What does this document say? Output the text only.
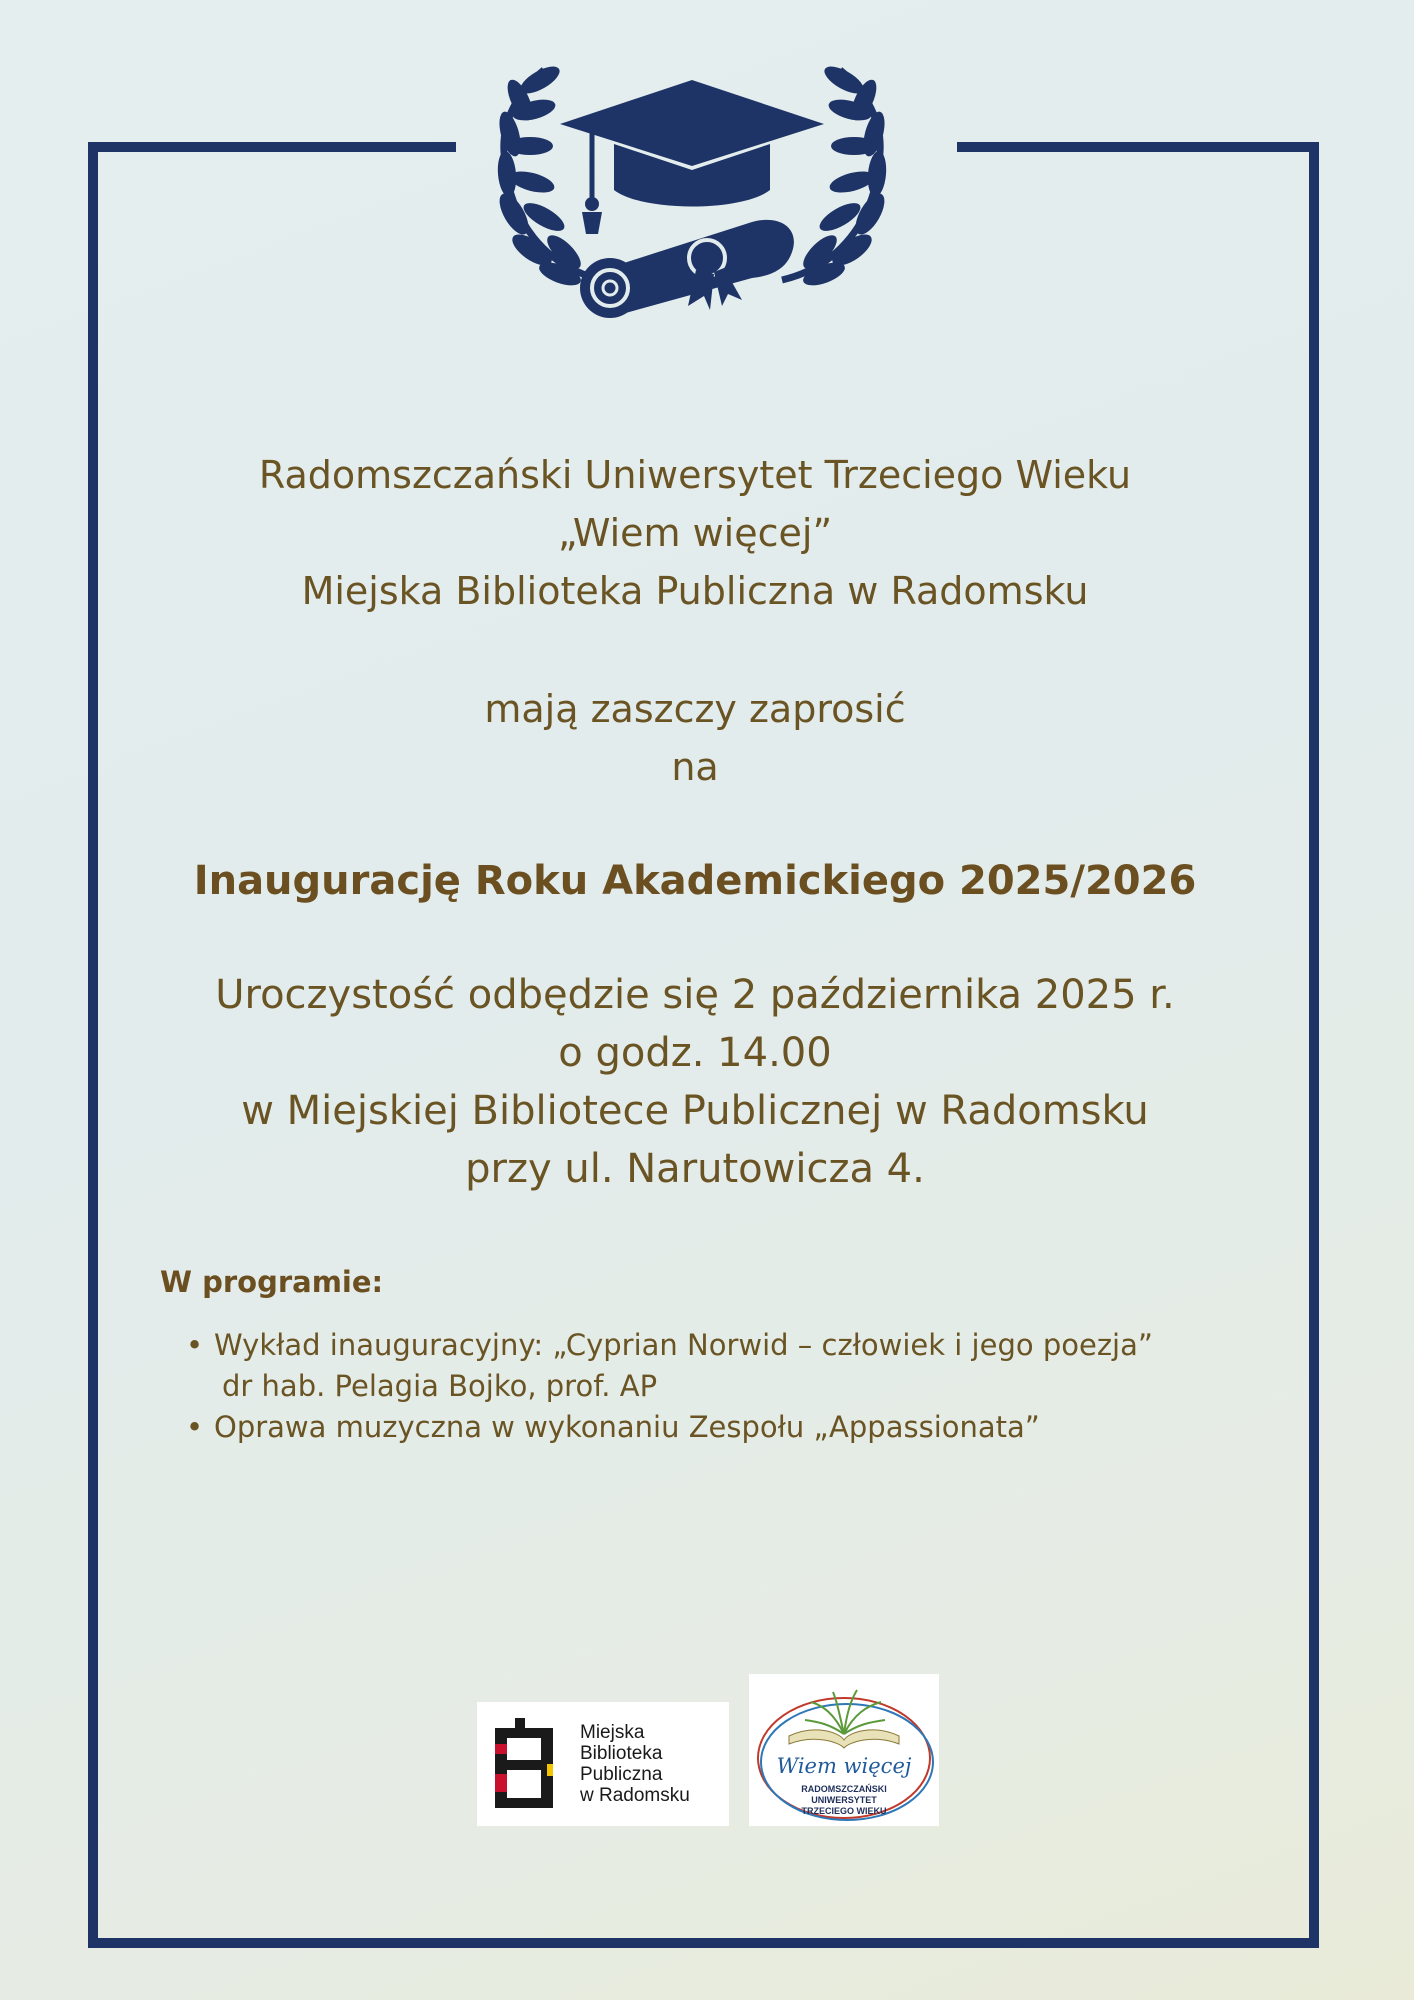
Radomszczański Uniwersytet Trzeciego Wieku
„Wiem więcej”
Miejska Biblioteka Publiczna w Radomsku
mają zaszczy zaprosić
na
Inaugurację Roku Akademickiego 2025/2026
Uroczystość odbędzie się 2 października 2025 r.
o godz. 14.00
w Miejskiej Bibliotece Publicznej w Radomsku
przy ul. Narutowicza 4.
W programie:
• Wykład inauguracyjny: „Cyprian Norwid – człowiek i jego poezja”
dr hab. Pelagia Bojko, prof. AP
• Oprawa muzyczna w wykonaniu Zespołu „Appassionata”
Miejska
Biblioteka
Publiczna
w Radomsku
Wiem więcej
RADOMSZCZAŃSKI
UNIWERSYTET
TRZECIEGO WIEKU
